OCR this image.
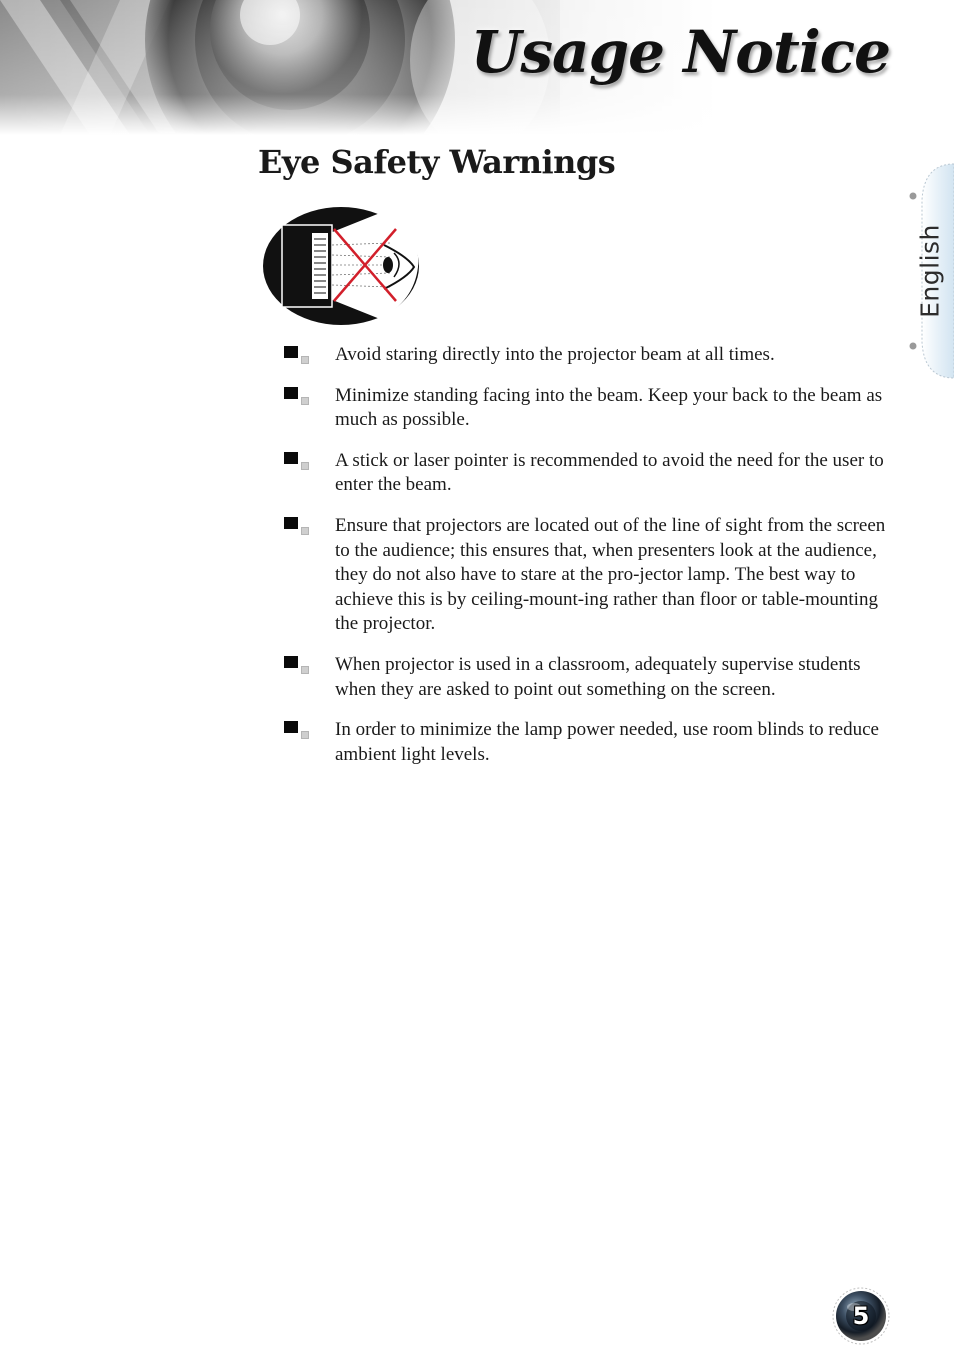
Usage Notice
Eye Safety Warnings
English
Avoid staring directly into the projector beam at all times.
Minimize standing facing into the beam. Keep your back to the beam as much as possible.
A stick or laser pointer is recommended to avoid the need for the user to enter the beam.
Ensure that projectors are located out of the line of sight from the screen to the audience; this ensures that, when presenters look at the audience, they do not also have to stare at the pro-jector lamp. The best way to achieve this is by ceiling-mount-ing rather than floor or table-mounting the projector.
When projector is used in a classroom, adequately supervise students when they are asked to point out something on the screen.
In order to minimize the lamp power needed, use room blinds to reduce ambient light levels.
5
